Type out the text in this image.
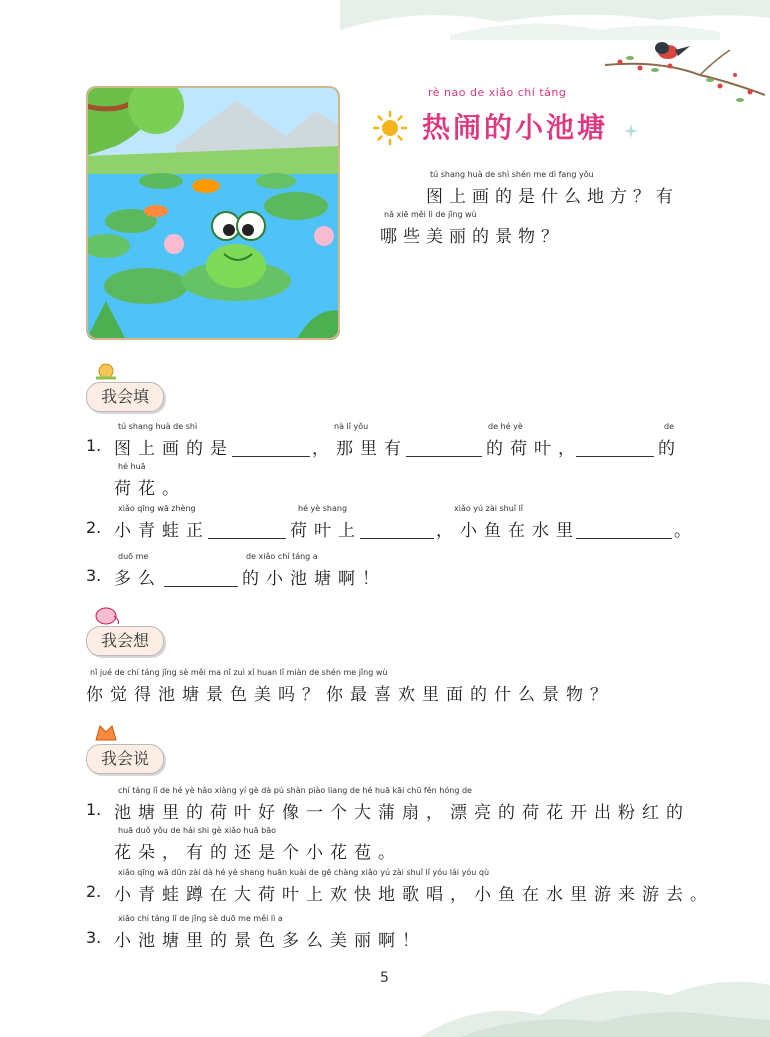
rè nao de xiǎo chí táng
热闹的小池塘
tú shang huà de shì shén me dì fang yǒu
图上画的是什么地方？有
nǎ xiē měi lì de jǐng wù
哪些美丽的景物？
我会填
1.
tú shang huà de shì
图上画的是
nà lǐ yǒu
，那里有
de hé yè
的荷叶，
de
的
hé huā
荷花。
2.
xiǎo qīng wā zhèng
小青蛙正
hé yè shang
荷叶上
xiǎo yú zài shuǐ lǐ
，小鱼在水里	。
3.
duō me
多么
de xiǎo chí táng a
的小池塘啊！
我会想
nǐ jué de chí táng jǐng sè měi ma nǐ zuì xǐ huan lǐ miàn de shén me jǐng wù
你觉得池塘景色美吗？你最喜欢里面的什么景物？
我会说
1.
chí táng lǐ de hé yè hǎo xiàng yí gè dà pú shàn piào liang de hé huā kāi chū fěn hóng de
池塘里的荷叶好像一个大蒲扇，漂亮的荷花开出粉红的
huā duǒ yǒu de hái shi gè xiǎo huā bāo
花朵，有的还是个小花苞。
2.
xiǎo qīng wā dūn zài dà hé yè shang huān kuài de gē chàng xiǎo yú zài shuǐ lǐ yóu lái yóu qù
小青蛙蹲在大荷叶上欢快地歌唱，小鱼在水里游来游去。
3.
xiǎo chí táng lǐ de jǐng sè duō me měi lì a
小池塘里的景色多么美丽啊！
5
